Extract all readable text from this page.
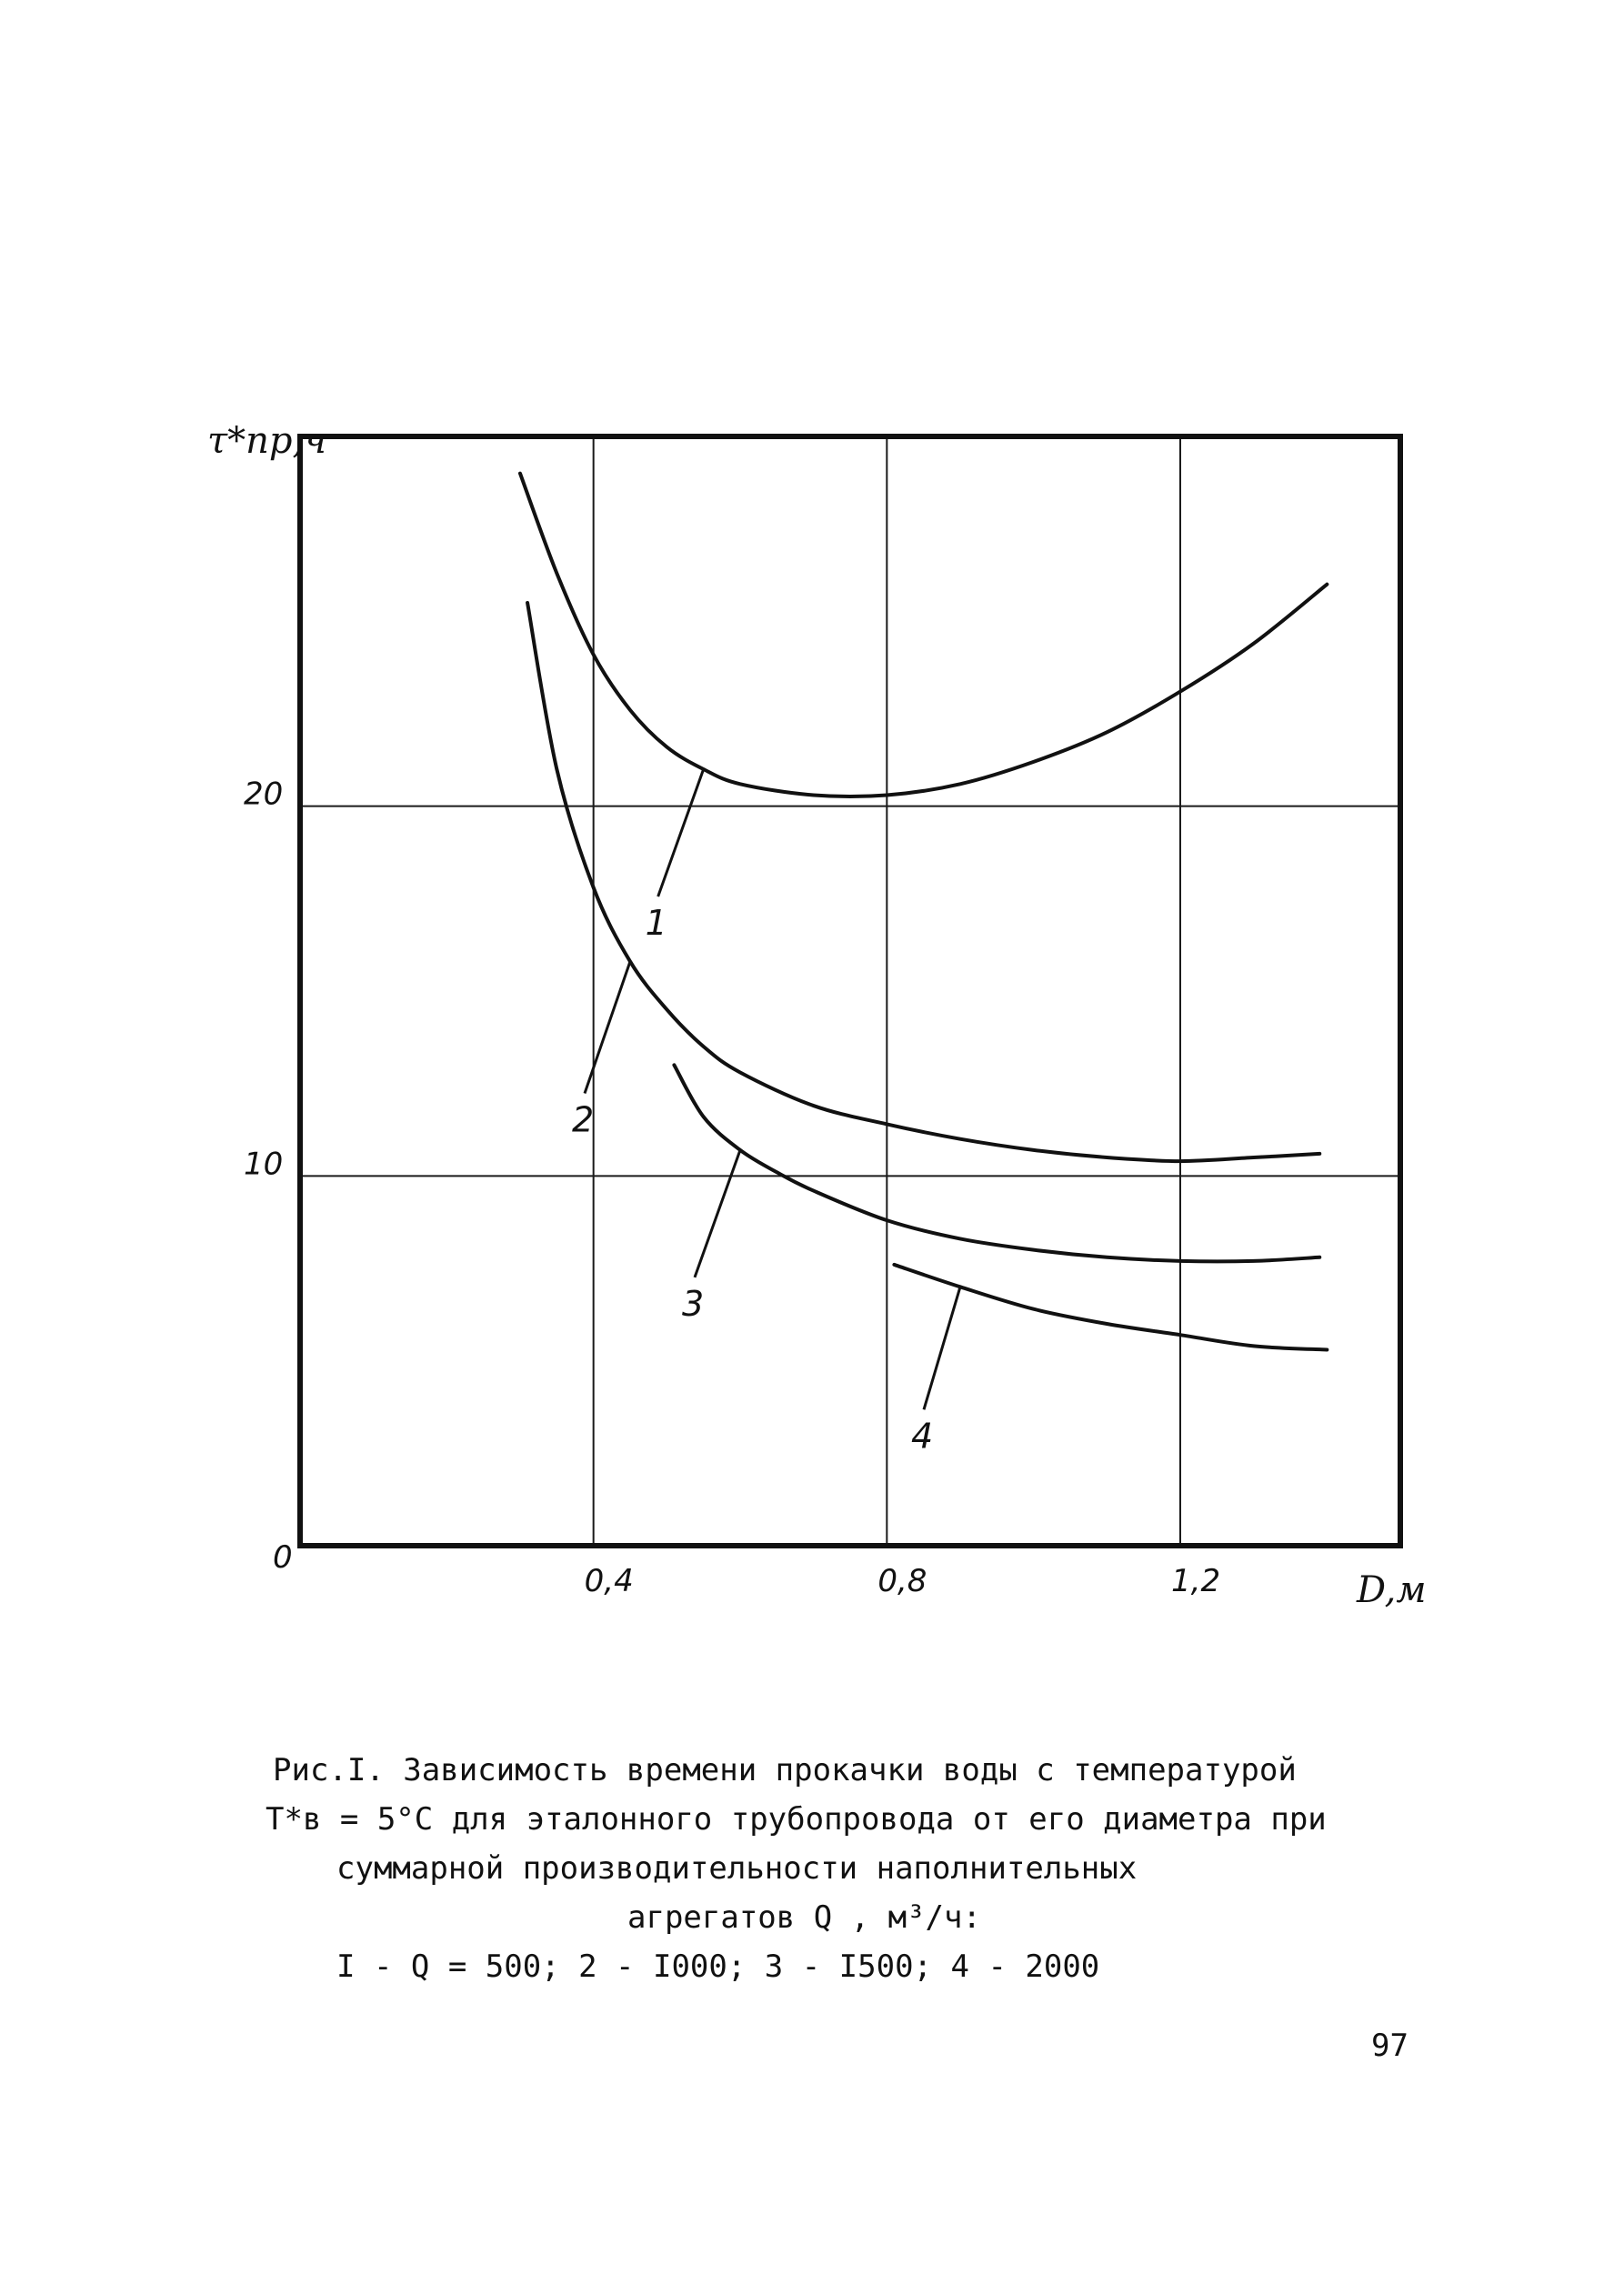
1
2
3
4
0,4	0,8	1,2
0
10
20
τ*пр,ч
D,м
Рис.I. Зависимость времени прокачки воды с температурой
Т*в = 5°С для эталонного трубопровода от его диаметра при
суммарной производительности наполнительных
агрегатов Q , м³/ч:
I - Q = 500; 2 - I000; 3 - I500; 4 - 2000
97
